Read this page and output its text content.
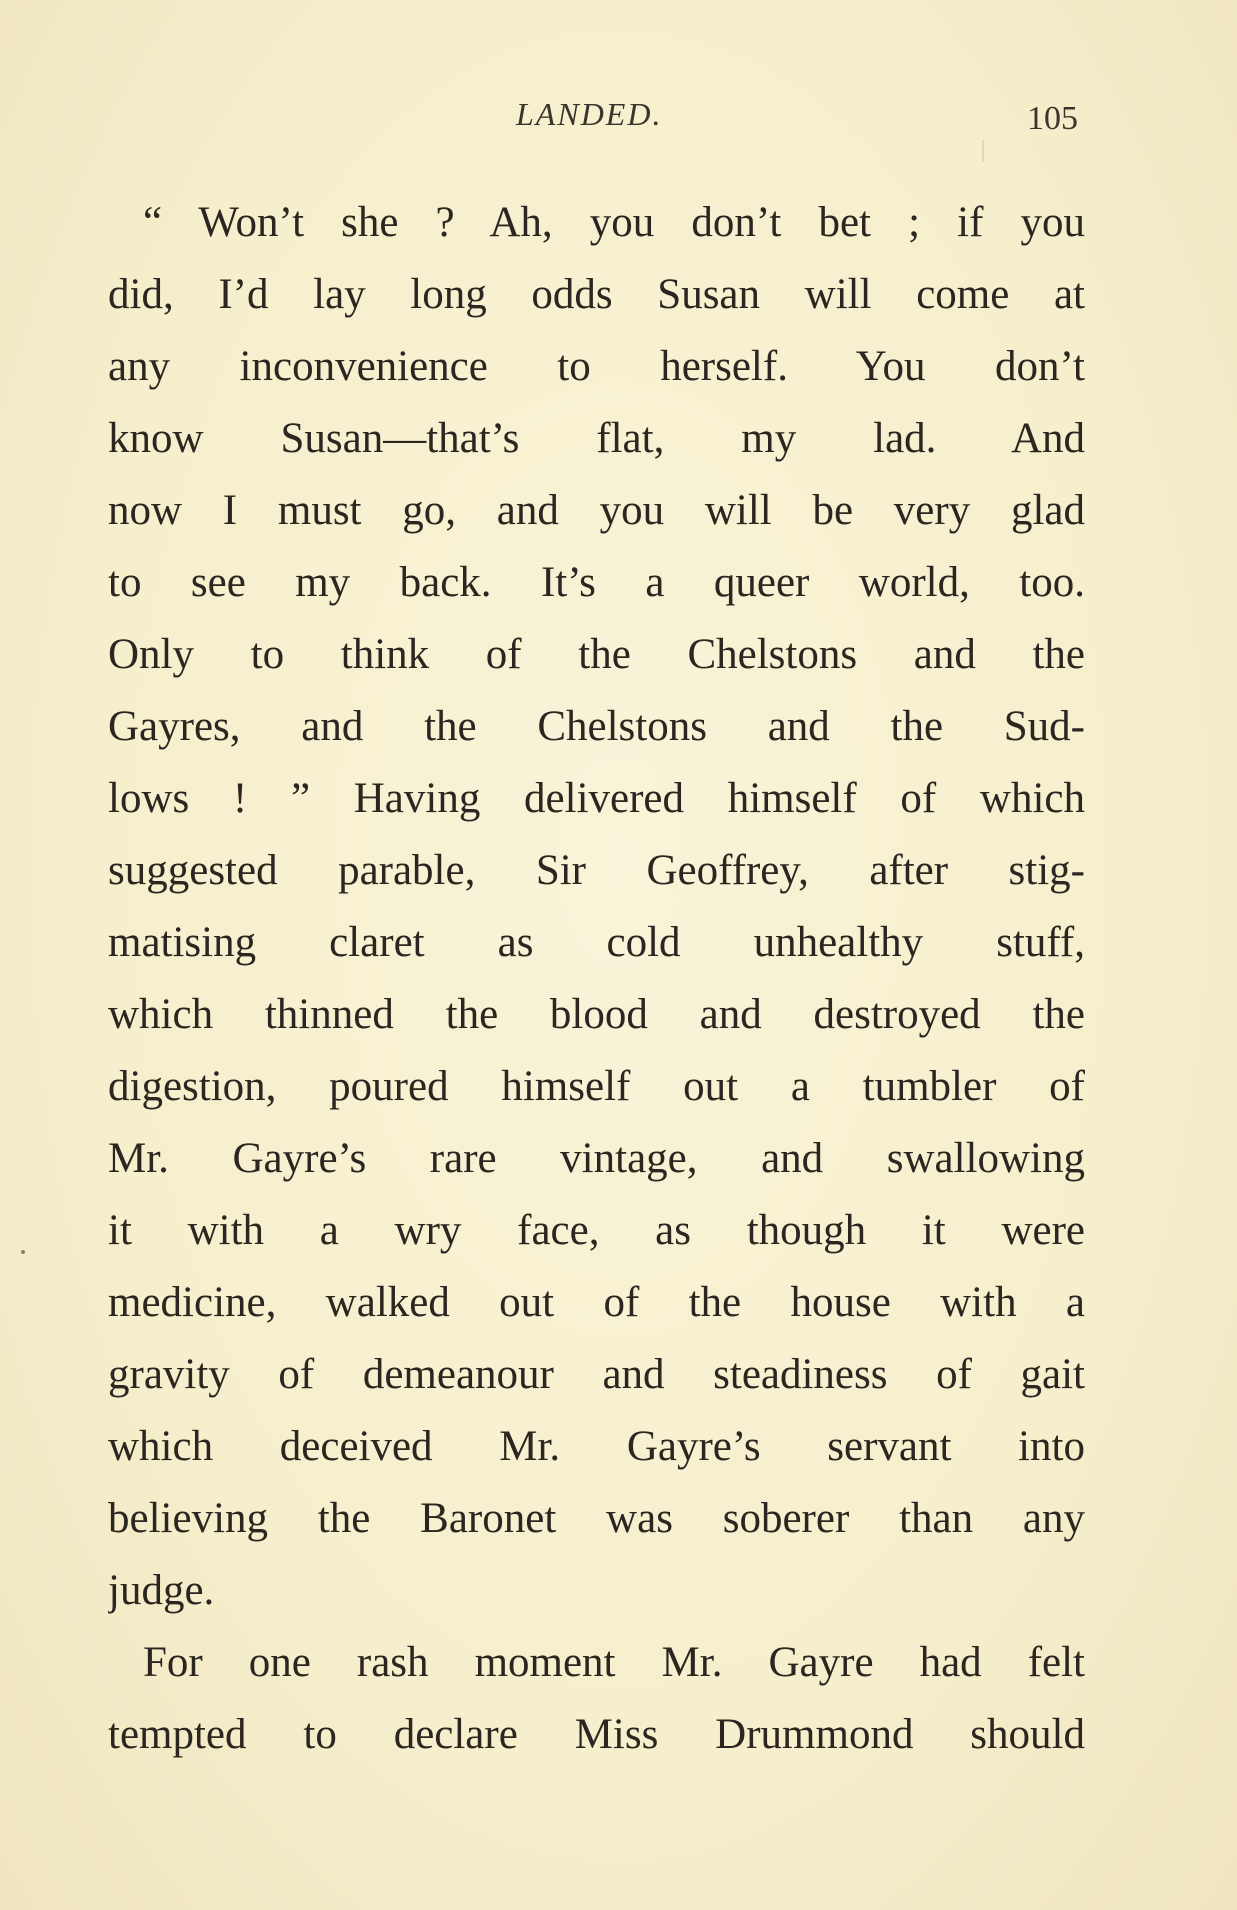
LANDED.	105
“ Won’t she ? Ah, you don’t bet ; if you
did, I’d lay long odds Susan will come at
any inconvenience to herself. You don’t
know Susan—that’s flat, my lad. And
now I must go, and you will be very glad
to see my back. It’s a queer world, too.
Only to think of the Chelstons and the
Gayres, and the Chelstons and the Sud-
lows ! ” Having delivered himself of which
suggested parable, Sir Geoffrey, after stig-
matising claret as cold unhealthy stuff,
which thinned the blood and destroyed the
digestion, poured himself out a tumbler of
Mr. Gayre’s rare vintage, and swallowing
it with a wry face, as though it were
medicine, walked out of the house with a
gravity of demeanour and steadiness of gait
which deceived Mr. Gayre’s servant into
believing the Baronet was soberer than any
judge.
For one rash moment Mr. Gayre had felt
tempted to declare Miss Drummond should
